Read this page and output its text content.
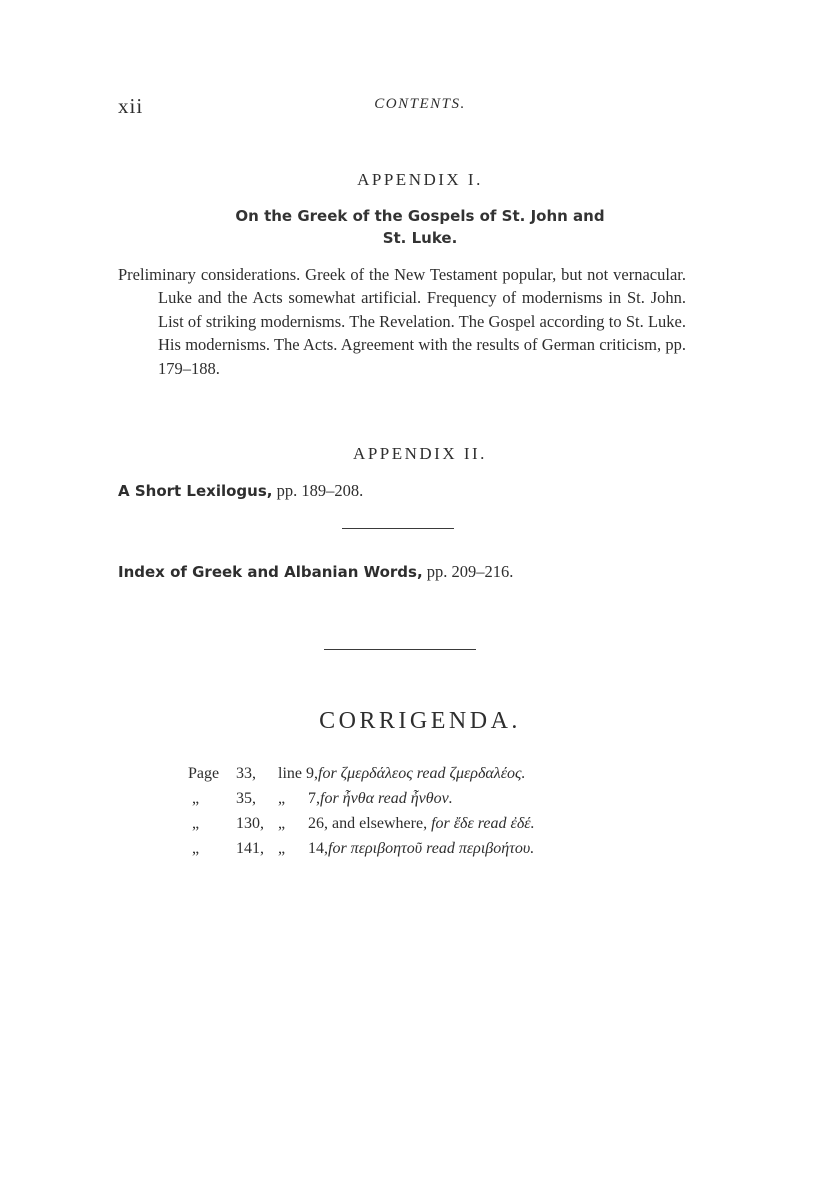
xii	CONTENTS.
APPENDIX I.
On the Greek of the Gospels of St. John and
St. Luke.
Preliminary considerations. Greek of the New Testament popular, but not vernacular. Luke and the Acts somewhat artificial. Frequency of modernisms in St. John. List of striking modernisms. The Revelation. The Gospel according to St. Luke. His modernisms. The Acts. Agreement with the results of German criticism, pp. 179–188.
APPENDIX II.
A Short Lexilogus, pp. 189–208.
Index of Greek and Albanian Words, pp. 209–216.
CORRIGENDA.
Page 33, line 9,for ζμερδάλεος read ζμερδαλέος.
„ 35, „ 7,for ἦνθα read ἦνθον.
„ 130, „ 26, and elsewhere, for ἔδε read ἐδέ.
„ 141, „ 14,for περιβοητοῦ read περιβοήτου.
